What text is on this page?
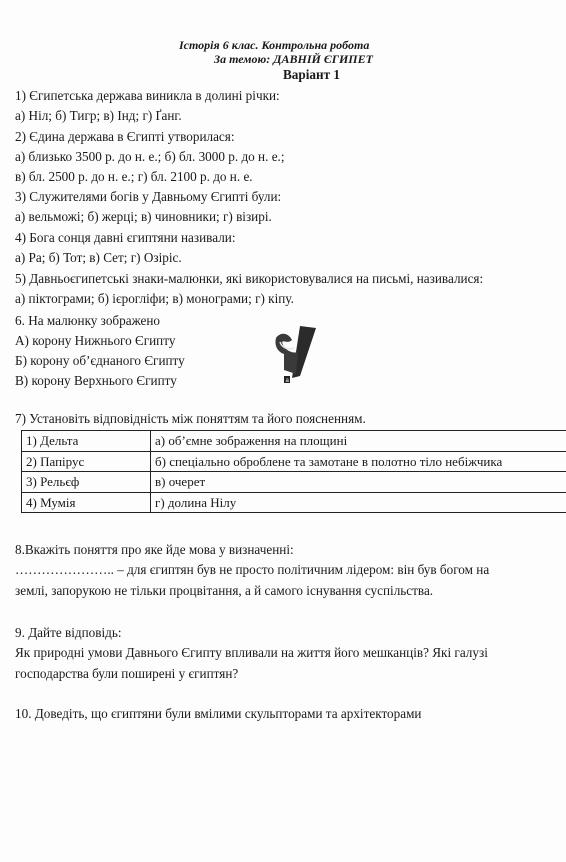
Історія 6 клас. Контрольна робота
За темою: ДАВНІЙ ЄГИПЕТ
Варіант 1
1) Єгипетська держава виникла в долині річки:
а) Ніл; б) Тигр; в) Інд; г) Ґанг.
2) Єдина держава в Єгипті утворилася:
а) близько 3500 р. до н. е.; б) бл. 3000 р. до н. е.;
в) бл. 2500 р. до н. е.; г) бл. 2100 р. до н. е.
3) Служителями богів у Давньому Єгипті були:
а) вельможі; б) жерці; в) чиновники; г) візирі.
4) Бога сонця давні єгиптяни називали:
а) Ра; б) Тот; в) Сет; г) Озіріс.
5) Давньоєгипетські знаки-малюнки, які використовувалися на письмі, називалися:
а) піктограми; б) ієрогліфи; в) монограми; г) кіпу.
6. На малюнку зображено
А) корону Нижнього Єгипту
Б) корону об’єднаного Єгипту
В) корону Верхнього Єгипту	a
7) Установіть відповідність між поняттям та його поясненням.
1) Дельта	а) об’ємне зображення на площині
2) Папірус	б) спеціально оброблене та замотане в полотно тіло небіжчика
3) Рельєф	в) очерет
4) Мумія	г) долина Нілу
8.Вкажіть поняття про яке йде мова у визначенні:
………………….. – для єгиптян був не просто політичним лідером: він був богом на
землі, запорукою не тільки процвітання, а й самого існування суспільства.
9. Дайте відповідь:
Як природні умови Давнього Єгипту впливали на життя його мешканців? Які галузі
господарства були поширені у єгиптян?
10. Доведіть, що єгиптяни були вмілими скульпторами та архітекторами
